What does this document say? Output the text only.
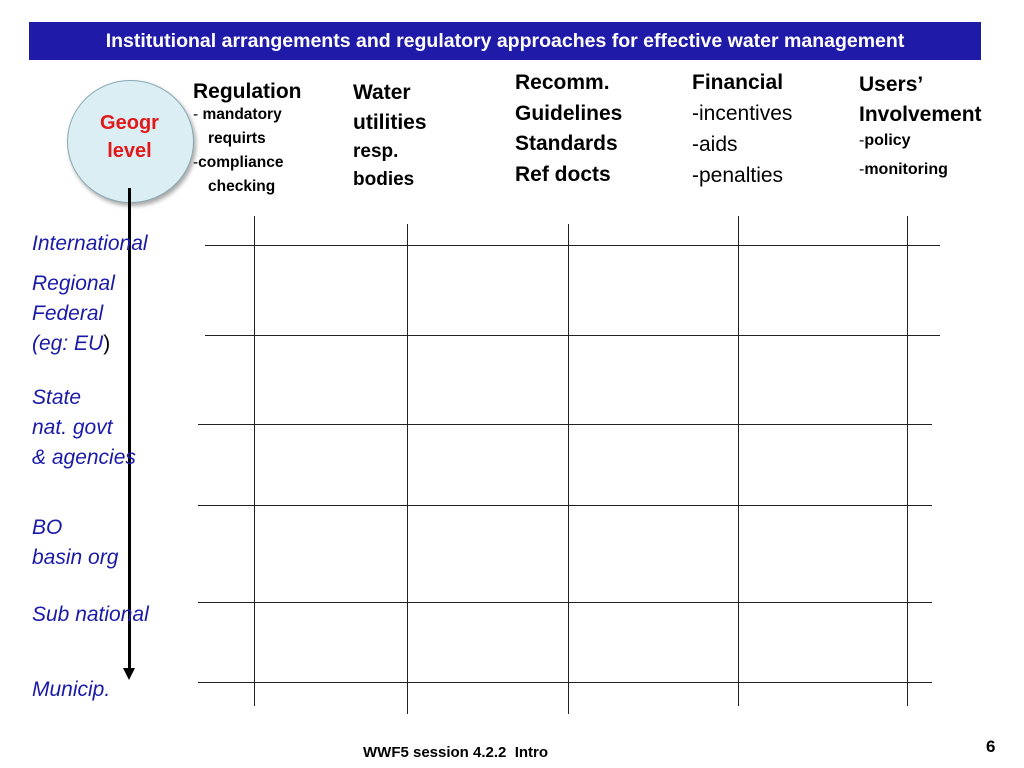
Institutional arrangements and regulatory approaches for effective water management
Geogr
level
Regulation
- mandatory
requirts
-compliance
checking
Water
utilities
resp.
bodies
Recomm.
Guidelines
Standards
Ref docts
Financial
-incentives
-aids
-penalties
Users’
Involvement
-policy
-monitoring
International
Regional
Federal
(eg: EU)
State
nat. govt
& agencies
BO
basin org
Sub national
Municip.
WWF5 session 4.2.2  Intro	6
